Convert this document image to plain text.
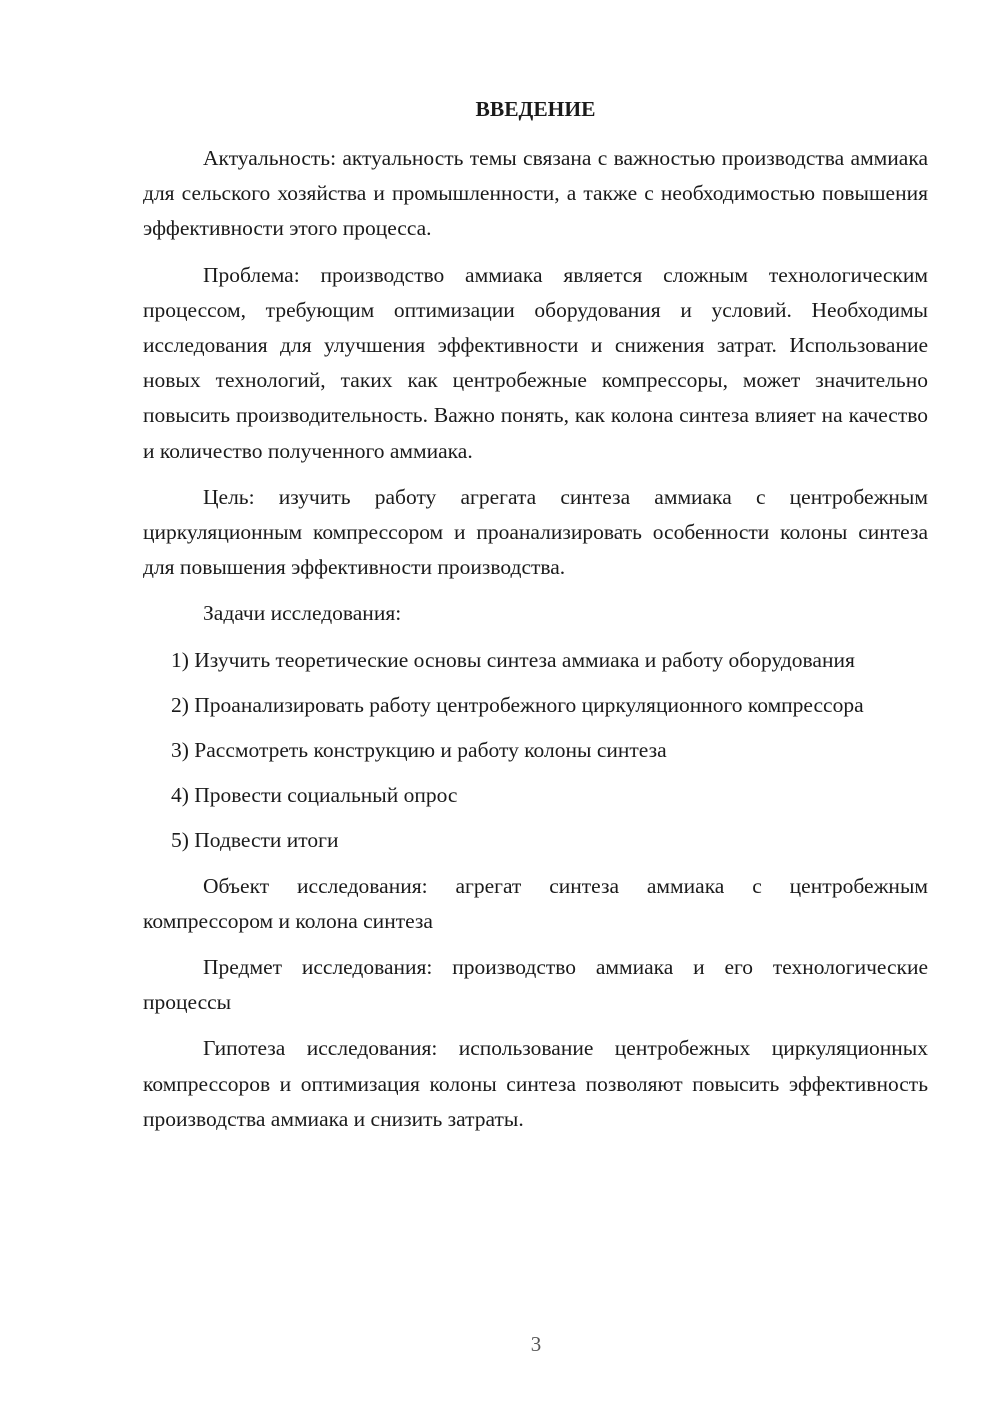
ВВЕДЕНИЕ

Актуальность: актуальность темы связана с важностью производства аммиака для сельского хозяйства и промышленности, а также с необходимостью повышения эффективности этого процесса.

Проблема: производство аммиака является сложным технологическим процессом, требующим оптимизации оборудования и условий. Необходимы исследования для улучшения эффективности и снижения затрат. Использование новых технологий, таких как центробежные компрессоры, может значительно повысить производительность. Важно понять, как колона синтеза влияет на качество и количество полученного аммиака.

Цель: изучить работу агрегата синтеза аммиака с центробежным циркуляционным компрессором и проанализировать особенности колоны синтеза для повышения эффективности производства.

Задачи исследования:

1) Изучить теоретические основы синтеза аммиака и работу оборудования

2) Проанализировать работу центробежного циркуляционного компрессора

3) Рассмотреть конструкцию и работу колоны синтеза

4) Провести социальный опрос

5) Подвести итоги

Объект исследования: агрегат синтеза аммиака с центробежным компрессором и колона синтеза

Предмет исследования: производство аммиака и его технологические процессы

Гипотеза исследования: использование центробежных циркуляционных компрессоров и оптимизация колоны синтеза позволяют повысить эффективность производства аммиака и снизить затраты.

3
